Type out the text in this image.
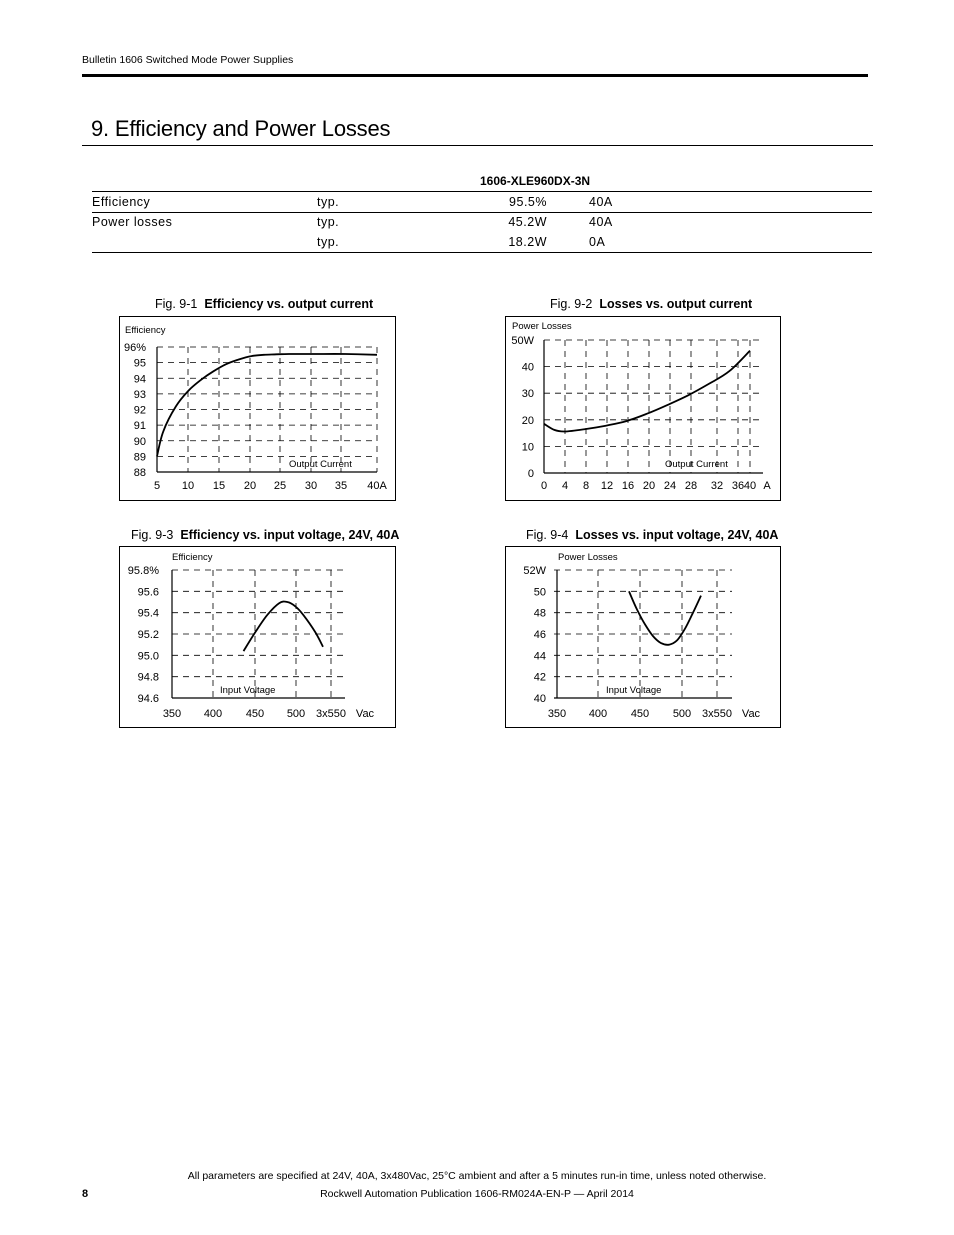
Bulletin 1606 Switched Mode Power Supplies
9. Efficiency and Power Losses
1606-XLE960DX-3N			
Efficiency	typ.	95.5%	40A
Power losses	typ.	45.2W	40A
	typ.	18.2W	0A
Fig. 9-1 Efficiency vs. output current
96%
95
94
93
92
91
90
89
88
5 10 15 20 25 30 35 40A
Efficiency
Output Current
Fig. 9-2 Losses vs. output current
50W
40
30
20
10
0
0 4 8 12 16 20 24 28 32 36 40 A
Power Losses
Output Current
Fig. 9-3 Efficiency vs. input voltage, 24V, 40A
95.8%
95.6
95.4
95.2
95.0
94.8
94.6
350 400 450 500 3x550 Vac
Efficiency
Input Voltage
Fig. 9-4 Losses vs. input voltage, 24V, 40A
52W
50
48
46
44
42
40
350 400 450 500 3x550 Vac
Power Losses
Input Voltage
All parameters are specified at 24V, 40A, 3x480Vac, 25°C ambient and after a 5 minutes run-in time, unless noted otherwise.
8	Rockwell Automation Publication 1606-RM024A-EN-P — April 2014
